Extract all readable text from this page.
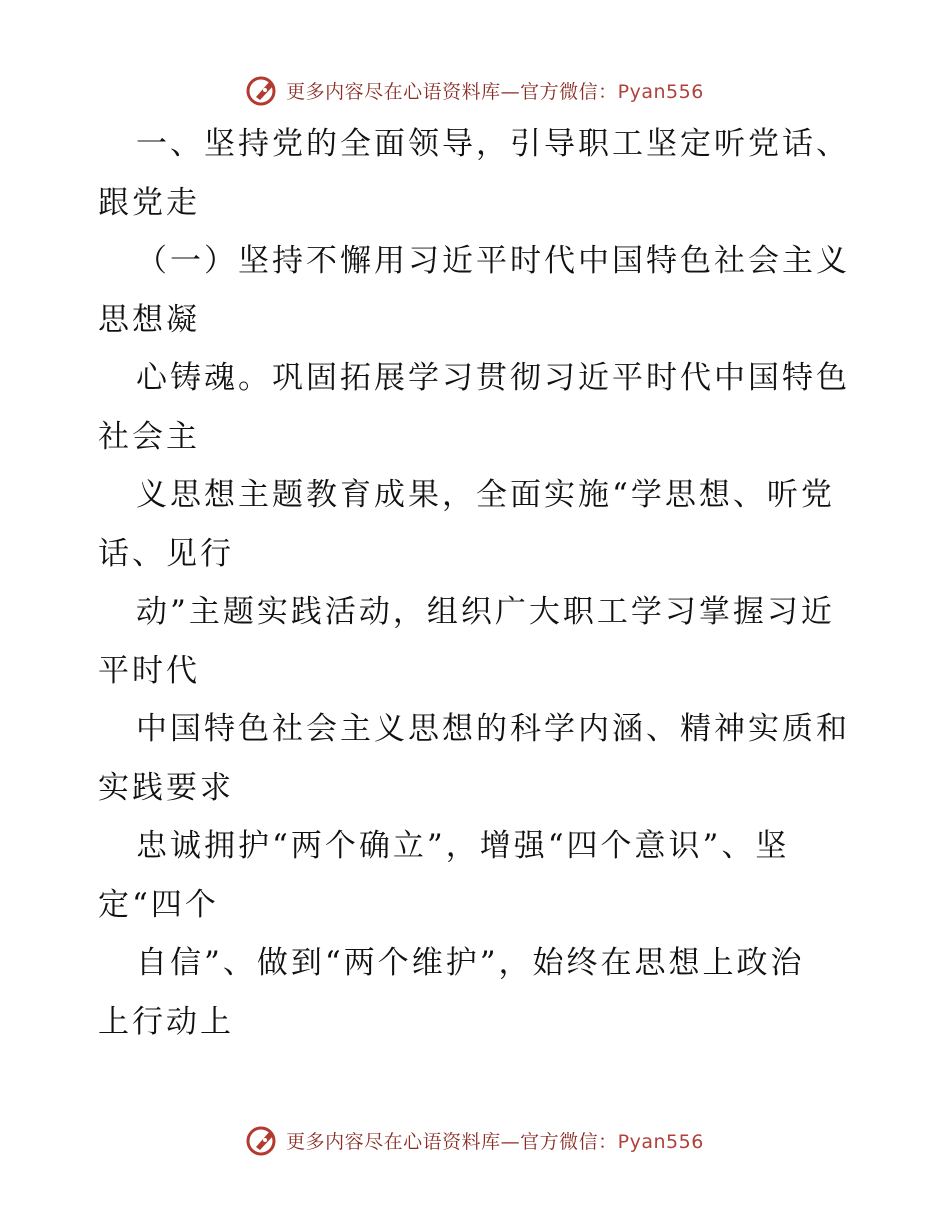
更多内容尽在心语资料库—官方微信：Pyan556
一、坚持党的全面领导，引导职工坚定听党话、
跟党走
（一）坚持不懈用习近平时代中国特色社会主义
思想凝
心铸魂。巩固拓展学习贯彻习近平时代中国特色
社会主
义思想主题教育成果，全面实施“学思想、听党
话、见行
动”主题实践活动，组织广大职工学习掌握习近
平时代
中国特色社会主义思想的科学内涵、精神实质和
实践要求
忠诚拥护“两个确立”，增强“四个意识”、坚
定“四个
自信”、做到“两个维护”，始终在思想上政治
上行动上
更多内容尽在心语资料库—官方微信：Pyan556
